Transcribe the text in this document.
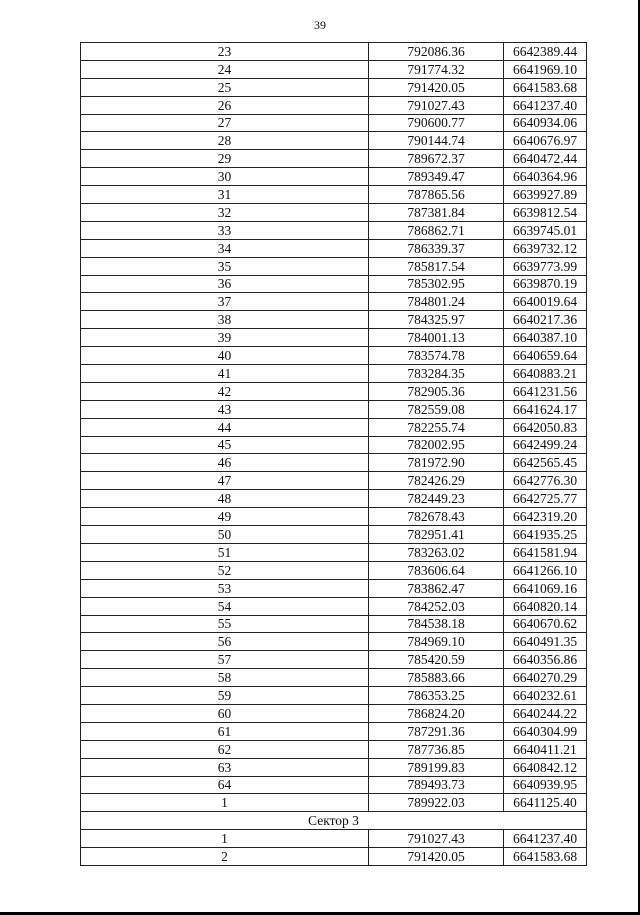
39
23	792086.36	6642389.44
24	791774.32	6641969.10
25	791420.05	6641583.68
26	791027.43	6641237.40
27	790600.77	6640934.06
28	790144.74	6640676.97
29	789672.37	6640472.44
30	789349.47	6640364.96
31	787865.56	6639927.89
32	787381.84	6639812.54
33	786862.71	6639745.01
34	786339.37	6639732.12
35	785817.54	6639773.99
36	785302.95	6639870.19
37	784801.24	6640019.64
38	784325.97	6640217.36
39	784001.13	6640387.10
40	783574.78	6640659.64
41	783284.35	6640883.21
42	782905.36	6641231.56
43	782559.08	6641624.17
44	782255.74	6642050.83
45	782002.95	6642499.24
46	781972.90	6642565.45
47	782426.29	6642776.30
48	782449.23	6642725.77
49	782678.43	6642319.20
50	782951.41	6641935.25
51	783263.02	6641581.94
52	783606.64	6641266.10
53	783862.47	6641069.16
54	784252.03	6640820.14
55	784538.18	6640670.62
56	784969.10	6640491.35
57	785420.59	6640356.86
58	785883.66	6640270.29
59	786353.25	6640232.61
60	786824.20	6640244.22
61	787291.36	6640304.99
62	787736.85	6640411.21
63	789199.83	6640842.12
64	789493.73	6640939.95
1	789922.03	6641125.40
Сектор 3		
1	791027.43	6641237.40
2	791420.05	6641583.68
